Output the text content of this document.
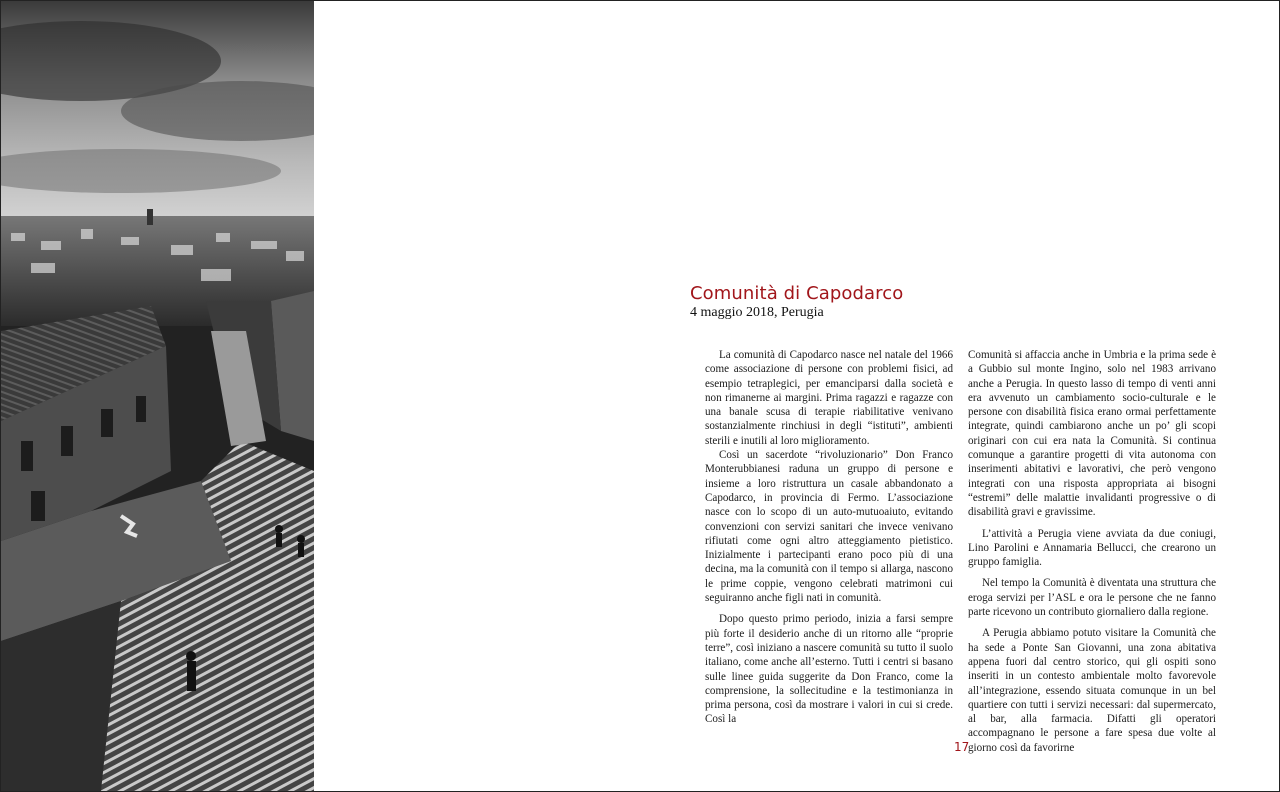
Comunità di Capodarco
4 maggio 2018, Perugia

La comunità di Capodarco nasce nel natale del 1966 come associazione di persone con problemi fisici, ad esempio tetraplegici, per emanciparsi dalla società e non rimanerne ai margini. Prima ragazzi e ragazze con una banale scusa di terapie riabilitative venivano sostanzialmente rinchiusi in degli “istituti”, ambienti sterili e inutili al loro miglioramento.

Così un sacerdote “rivoluzionario” Don Franco Monterubbianesi raduna un gruppo di persone e insieme a loro ristruttura un casale abbandonato a Capodarco, in provincia di Fermo. L’associazione nasce con lo scopo di un auto-mutuoaiuto, evitando convenzioni con servizi sanitari che invece venivano rifiutati come ogni altro atteggiamento pietistico. Inizialmente i partecipanti erano poco più di una decina, ma la comunità con il tempo si allarga, nascono le prime coppie, vengono celebrati matrimoni cui seguiranno anche figli nati in comunità.

Dopo questo primo periodo, inizia a farsi sempre più forte il desiderio anche di un ritorno alle “proprie terre”, così iniziano a nascere comunità su tutto il suolo italiano, come anche all’esterno. Tutti i centri si basano sulle linee guida suggerite da Don Franco, come la comprensione, la sollecitudine e la testimonianza in prima persona, così da mostrare i valori in cui si crede. Così la

Comunità si affaccia anche in Umbria e la prima sede è a Gubbio sul monte Ingino, solo nel 1983 arrivano anche a Perugia. In questo lasso di tempo di venti anni era avvenuto un cambiamento socio-culturale e le persone con disabilità fisica erano ormai perfettamente integrate, quindi cambiarono anche un po’ gli scopi originari con cui era nata la Comunità. Si continua comunque a garantire progetti di vita autonoma con inserimenti abitativi e lavorativi, che però vengono integrati con una risposta appropriata ai bisogni “estremi” delle malattie invalidanti progressive o di disabilità gravi e gravissime.

L’attività a Perugia viene avviata da due coniugi, Lino Parolini e Annamaria Bellucci, che crearono un gruppo famiglia.

Nel tempo la Comunità è diventata una struttura che eroga servizi per l’ASL e ora le persone che ne fanno parte ricevono un contributo giornaliero dalla regione.

A Perugia abbiamo potuto visitare la Comunità che ha sede a Ponte San Giovanni, una zona abitativa appena fuori dal centro storico, qui gli ospiti sono inseriti in un contesto ambientale molto favorevole all’integrazione, essendo situata comunque in un bel quartiere con tutti i servizi necessari: dal supermercato, al bar, alla farmacia. Difatti gli operatori accompagnano le persone a fare spesa due volte al giorno così da favorirne

17
